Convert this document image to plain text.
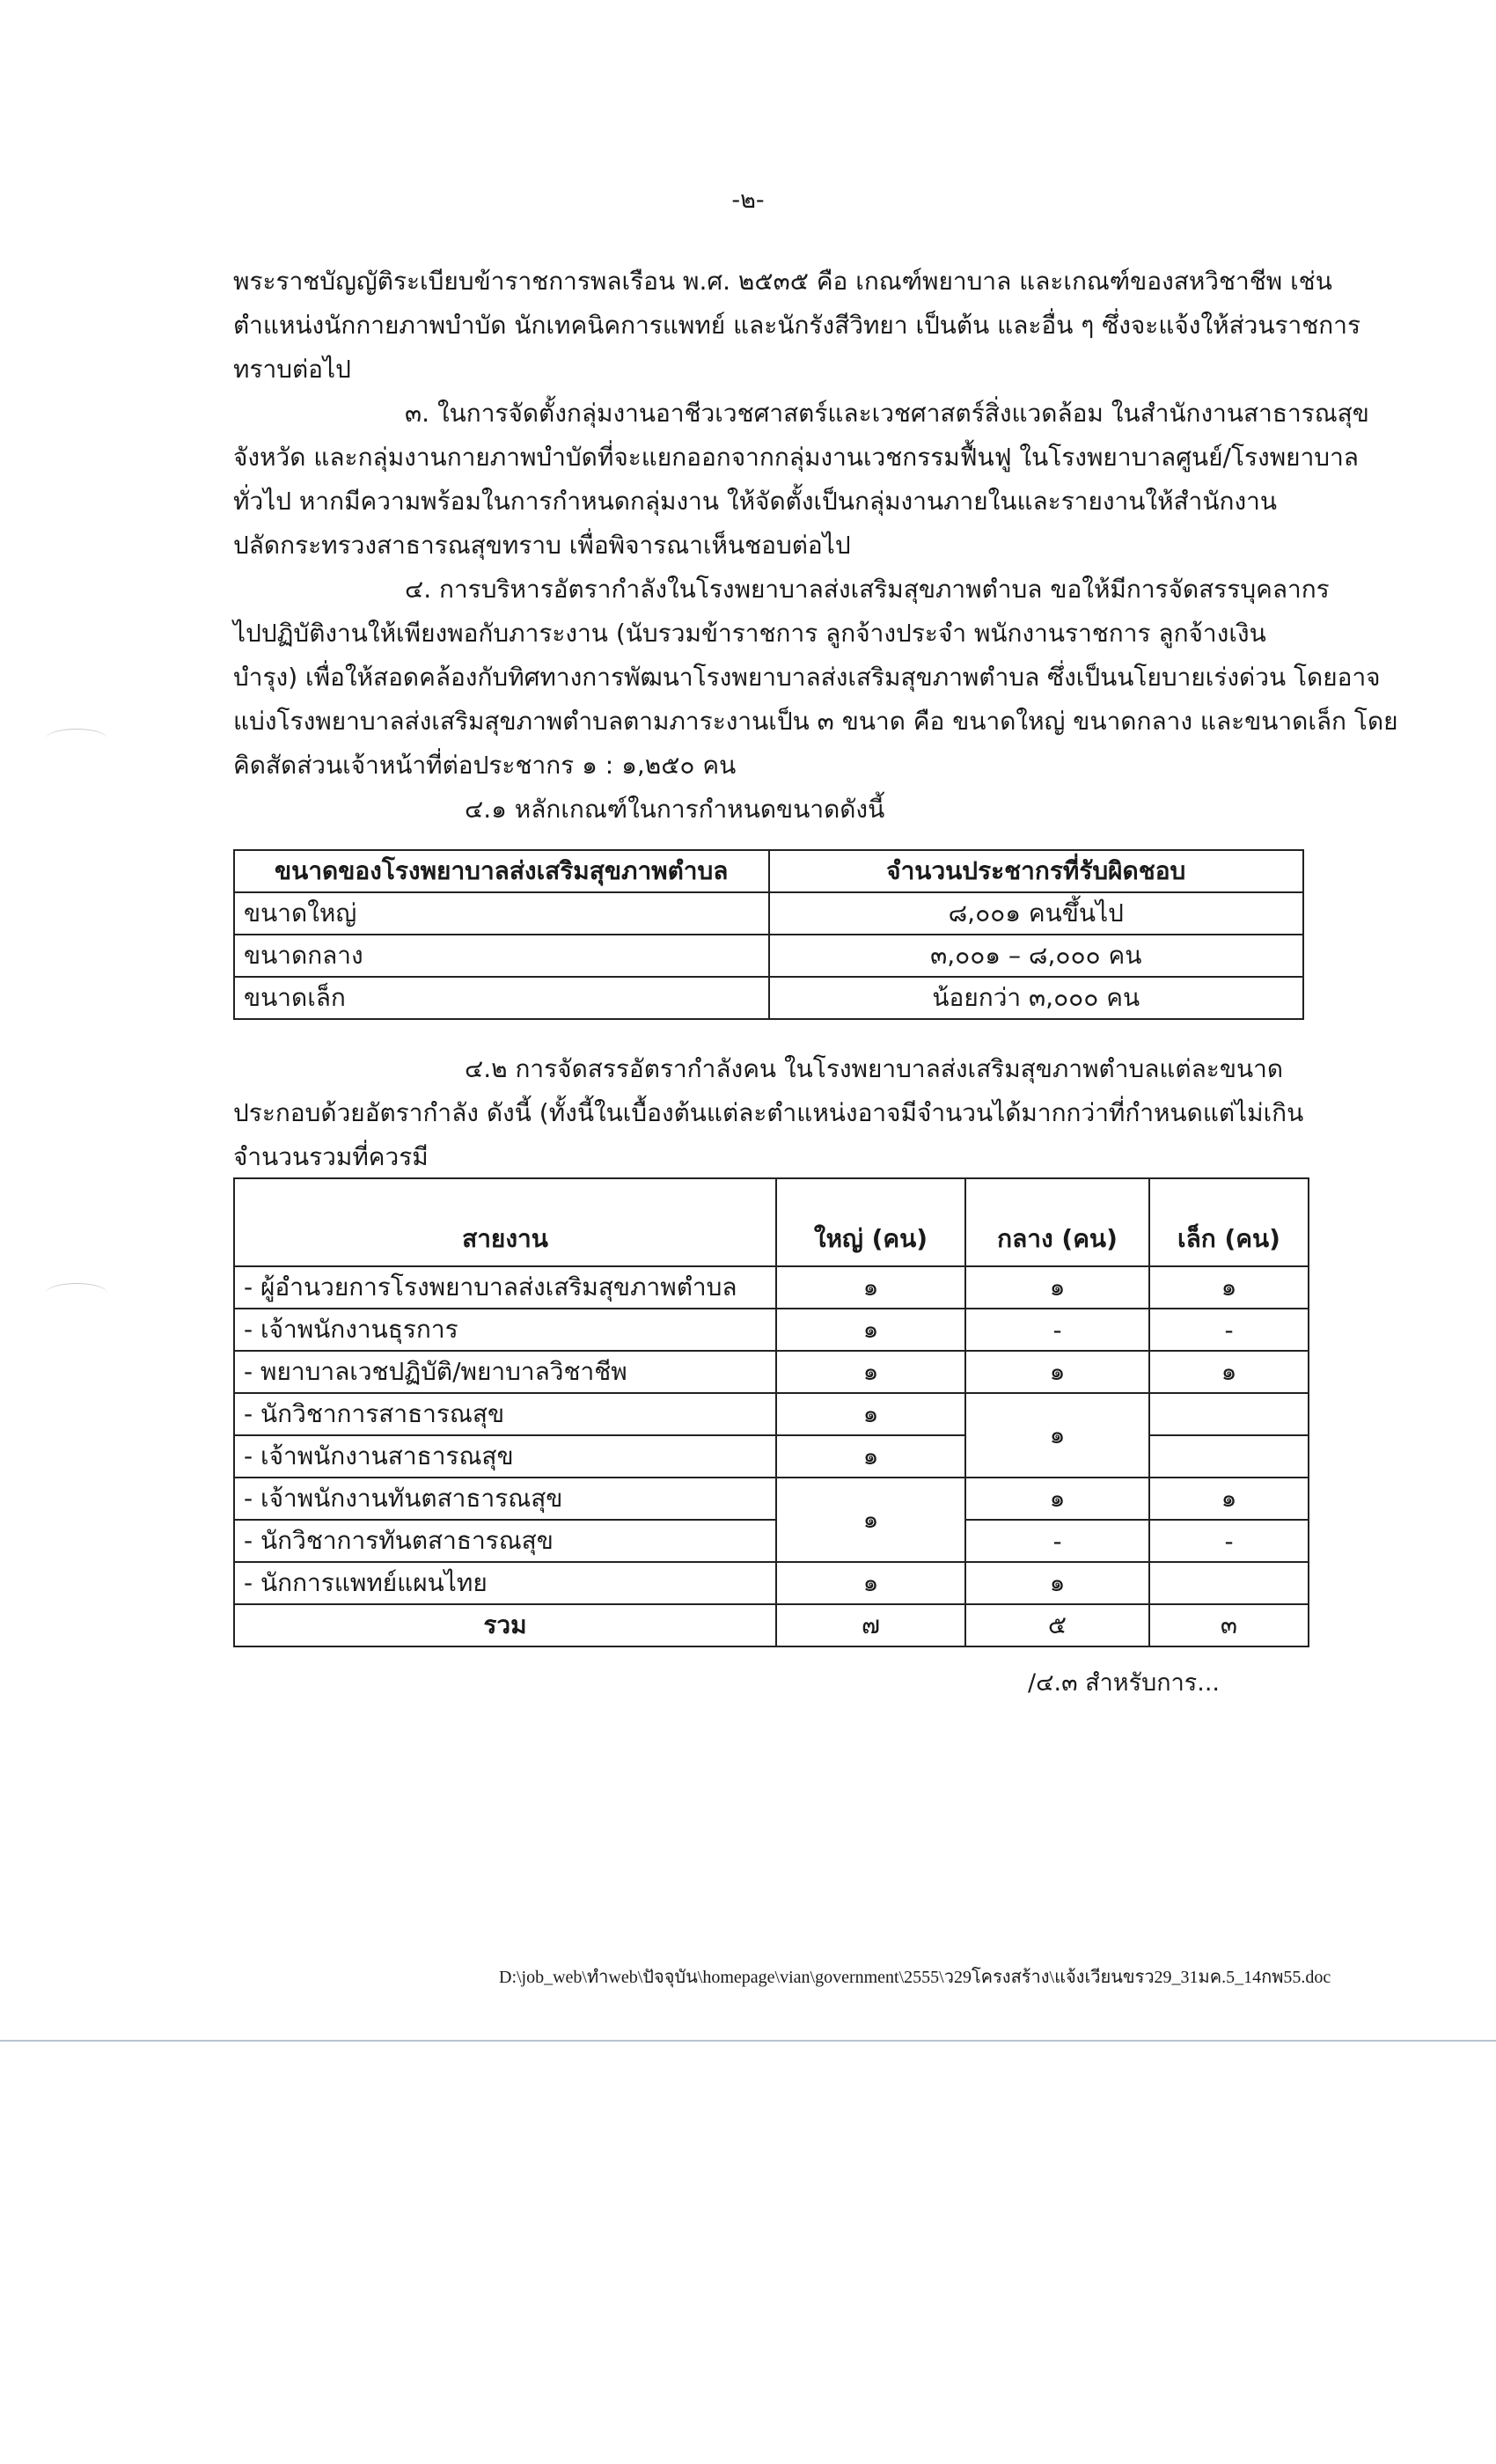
-๒-
พระราชบัญญัติระเบียบข้าราชการพลเรือน พ.ศ. ๒๕๓๕ คือ เกณฑ์พยาบาล และเกณฑ์ของสหวิชาชีพ เช่น
ตำแหน่งนักกายภาพบำบัด นักเทคนิคการแพทย์ และนักรังสีวิทยา เป็นต้น และอื่น ๆ ซึ่งจะแจ้งให้ส่วนราชการ
ทราบต่อไป
๓. ในการจัดตั้งกลุ่มงานอาชีวเวชศาสตร์และเวชศาสตร์สิ่งแวดล้อม ในสำนักงานสาธารณสุข
จังหวัด และกลุ่มงานกายภาพบำบัดที่จะแยกออกจากกลุ่มงานเวชกรรมฟื้นฟู ในโรงพยาบาลศูนย์/โรงพยาบาล
ทั่วไป หากมีความพร้อมในการกำหนดกลุ่มงาน ให้จัดตั้งเป็นกลุ่มงานภายในและรายงานให้สำนักงาน
ปลัดกระทรวงสาธารณสุขทราบ เพื่อพิจารณาเห็นชอบต่อไป
๔. การบริหารอัตรากำลังในโรงพยาบาลส่งเสริมสุขภาพตำบล ขอให้มีการจัดสรรบุคลากร
ไปปฏิบัติงานให้เพียงพอกับภาระงาน (นับรวมข้าราชการ ลูกจ้างประจำ พนักงานราชการ ลูกจ้างเงิน
บำรุง) เพื่อให้สอดคล้องกับทิศทางการพัฒนาโรงพยาบาลส่งเสริมสุขภาพตำบล ซึ่งเป็นนโยบายเร่งด่วน โดยอาจ
แบ่งโรงพยาบาลส่งเสริมสุขภาพตำบลตามภาระงานเป็น ๓ ขนาด คือ ขนาดใหญ่ ขนาดกลาง และขนาดเล็ก โดย
คิดสัดส่วนเจ้าหน้าที่ต่อประชากร ๑ : ๑,๒๕๐ คน
๔.๑ หลักเกณฑ์ในการกำหนดขนาดดังนี้
ขนาดของโรงพยาบาลส่งเสริมสุขภาพตำบล	จำนวนประชากรที่รับผิดชอบ
ขนาดใหญ่	๘,๐๐๑ คนขึ้นไป
ขนาดกลาง	๓,๐๐๑ – ๘,๐๐๐ คน
ขนาดเล็ก	น้อยกว่า ๓,๐๐๐ คน
๔.๒ การจัดสรรอัตรากำลังคน ในโรงพยาบาลส่งเสริมสุขภาพตำบลแต่ละขนาด
ประกอบด้วยอัตรากำลัง ดังนี้ (ทั้งนี้ในเบื้องต้นแต่ละตำแหน่งอาจมีจำนวนได้มากกว่าที่กำหนดแต่ไม่เกิน
จำนวนรวมที่ควรมี
สายงาน	ใหญ่ (คน)	กลาง (คน)	เล็ก (คน)
- ผู้อำนวยการโรงพยาบาลส่งเสริมสุขภาพตำบล	๑	๑	๑
- เจ้าพนักงานธุรการ	๑	-	-
- พยาบาลเวชปฏิบัติ/พยาบาลวิชาชีพ	๑	๑	๑
- นักวิชาการสาธารณสุข	๑	๑	
- เจ้าพนักงานสาธารณสุข	๑		
- เจ้าพนักงานทันตสาธารณสุข	๑	๑	๑
- นักวิชาการทันตสาธารณสุข		-	-
- นักการแพทย์แผนไทย	๑	๑	
รวม	๗	๕	๓
/๔.๓ สำหรับการ...
D:\job_web\ทำweb\ปัจจุบัน\homepage\vian\government\2555\ว29โครงสร้าง\แจ้งเวียนขรว29_31มค.5_14กพ55.doc
